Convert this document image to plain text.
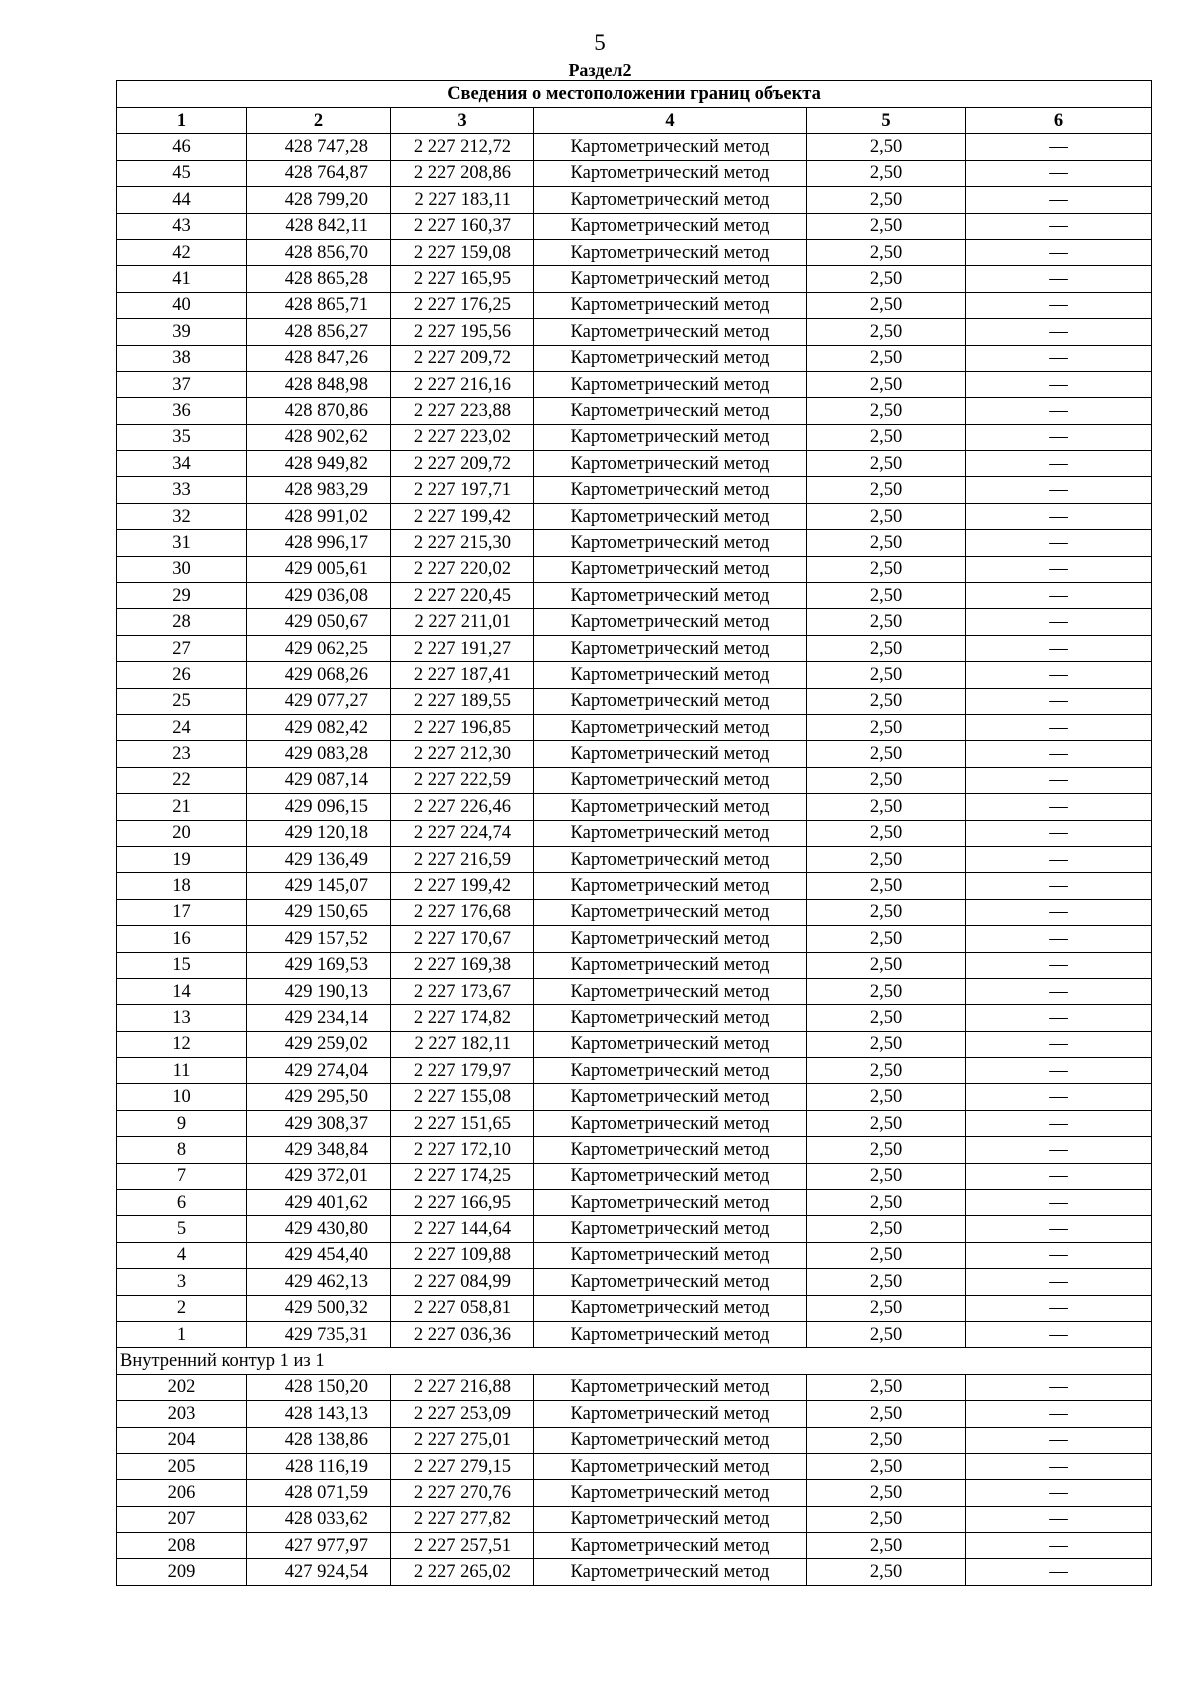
5
Раздел2
Сведения о местоположении границ объекта					
1	2	3	4	5	6
46	428 747,28	2 227 212,72	Картометрический метод	2,50	—
45	428 764,87	2 227 208,86	Картометрический метод	2,50	—
44	428 799,20	2 227 183,11	Картометрический метод	2,50	—
43	428 842,11	2 227 160,37	Картометрический метод	2,50	—
42	428 856,70	2 227 159,08	Картометрический метод	2,50	—
41	428 865,28	2 227 165,95	Картометрический метод	2,50	—
40	428 865,71	2 227 176,25	Картометрический метод	2,50	—
39	428 856,27	2 227 195,56	Картометрический метод	2,50	—
38	428 847,26	2 227 209,72	Картометрический метод	2,50	—
37	428 848,98	2 227 216,16	Картометрический метод	2,50	—
36	428 870,86	2 227 223,88	Картометрический метод	2,50	—
35	428 902,62	2 227 223,02	Картометрический метод	2,50	—
34	428 949,82	2 227 209,72	Картометрический метод	2,50	—
33	428 983,29	2 227 197,71	Картометрический метод	2,50	—
32	428 991,02	2 227 199,42	Картометрический метод	2,50	—
31	428 996,17	2 227 215,30	Картометрический метод	2,50	—
30	429 005,61	2 227 220,02	Картометрический метод	2,50	—
29	429 036,08	2 227 220,45	Картометрический метод	2,50	—
28	429 050,67	2 227 211,01	Картометрический метод	2,50	—
27	429 062,25	2 227 191,27	Картометрический метод	2,50	—
26	429 068,26	2 227 187,41	Картометрический метод	2,50	—
25	429 077,27	2 227 189,55	Картометрический метод	2,50	—
24	429 082,42	2 227 196,85	Картометрический метод	2,50	—
23	429 083,28	2 227 212,30	Картометрический метод	2,50	—
22	429 087,14	2 227 222,59	Картометрический метод	2,50	—
21	429 096,15	2 227 226,46	Картометрический метод	2,50	—
20	429 120,18	2 227 224,74	Картометрический метод	2,50	—
19	429 136,49	2 227 216,59	Картометрический метод	2,50	—
18	429 145,07	2 227 199,42	Картометрический метод	2,50	—
17	429 150,65	2 227 176,68	Картометрический метод	2,50	—
16	429 157,52	2 227 170,67	Картометрический метод	2,50	—
15	429 169,53	2 227 169,38	Картометрический метод	2,50	—
14	429 190,13	2 227 173,67	Картометрический метод	2,50	—
13	429 234,14	2 227 174,82	Картометрический метод	2,50	—
12	429 259,02	2 227 182,11	Картометрический метод	2,50	—
11	429 274,04	2 227 179,97	Картометрический метод	2,50	—
10	429 295,50	2 227 155,08	Картометрический метод	2,50	—
9	429 308,37	2 227 151,65	Картометрический метод	2,50	—
8	429 348,84	2 227 172,10	Картометрический метод	2,50	—
7	429 372,01	2 227 174,25	Картометрический метод	2,50	—
6	429 401,62	2 227 166,95	Картометрический метод	2,50	—
5	429 430,80	2 227 144,64	Картометрический метод	2,50	—
4	429 454,40	2 227 109,88	Картометрический метод	2,50	—
3	429 462,13	2 227 084,99	Картометрический метод	2,50	—
2	429 500,32	2 227 058,81	Картометрический метод	2,50	—
1	429 735,31	2 227 036,36	Картометрический метод	2,50	—
Внутренний контур 1 из 1					
202	428 150,20	2 227 216,88	Картометрический метод	2,50	—
203	428 143,13	2 227 253,09	Картометрический метод	2,50	—
204	428 138,86	2 227 275,01	Картометрический метод	2,50	—
205	428 116,19	2 227 279,15	Картометрический метод	2,50	—
206	428 071,59	2 227 270,76	Картометрический метод	2,50	—
207	428 033,62	2 227 277,82	Картометрический метод	2,50	—
208	427 977,97	2 227 257,51	Картометрический метод	2,50	—
209	427 924,54	2 227 265,02	Картометрический метод	2,50	—
